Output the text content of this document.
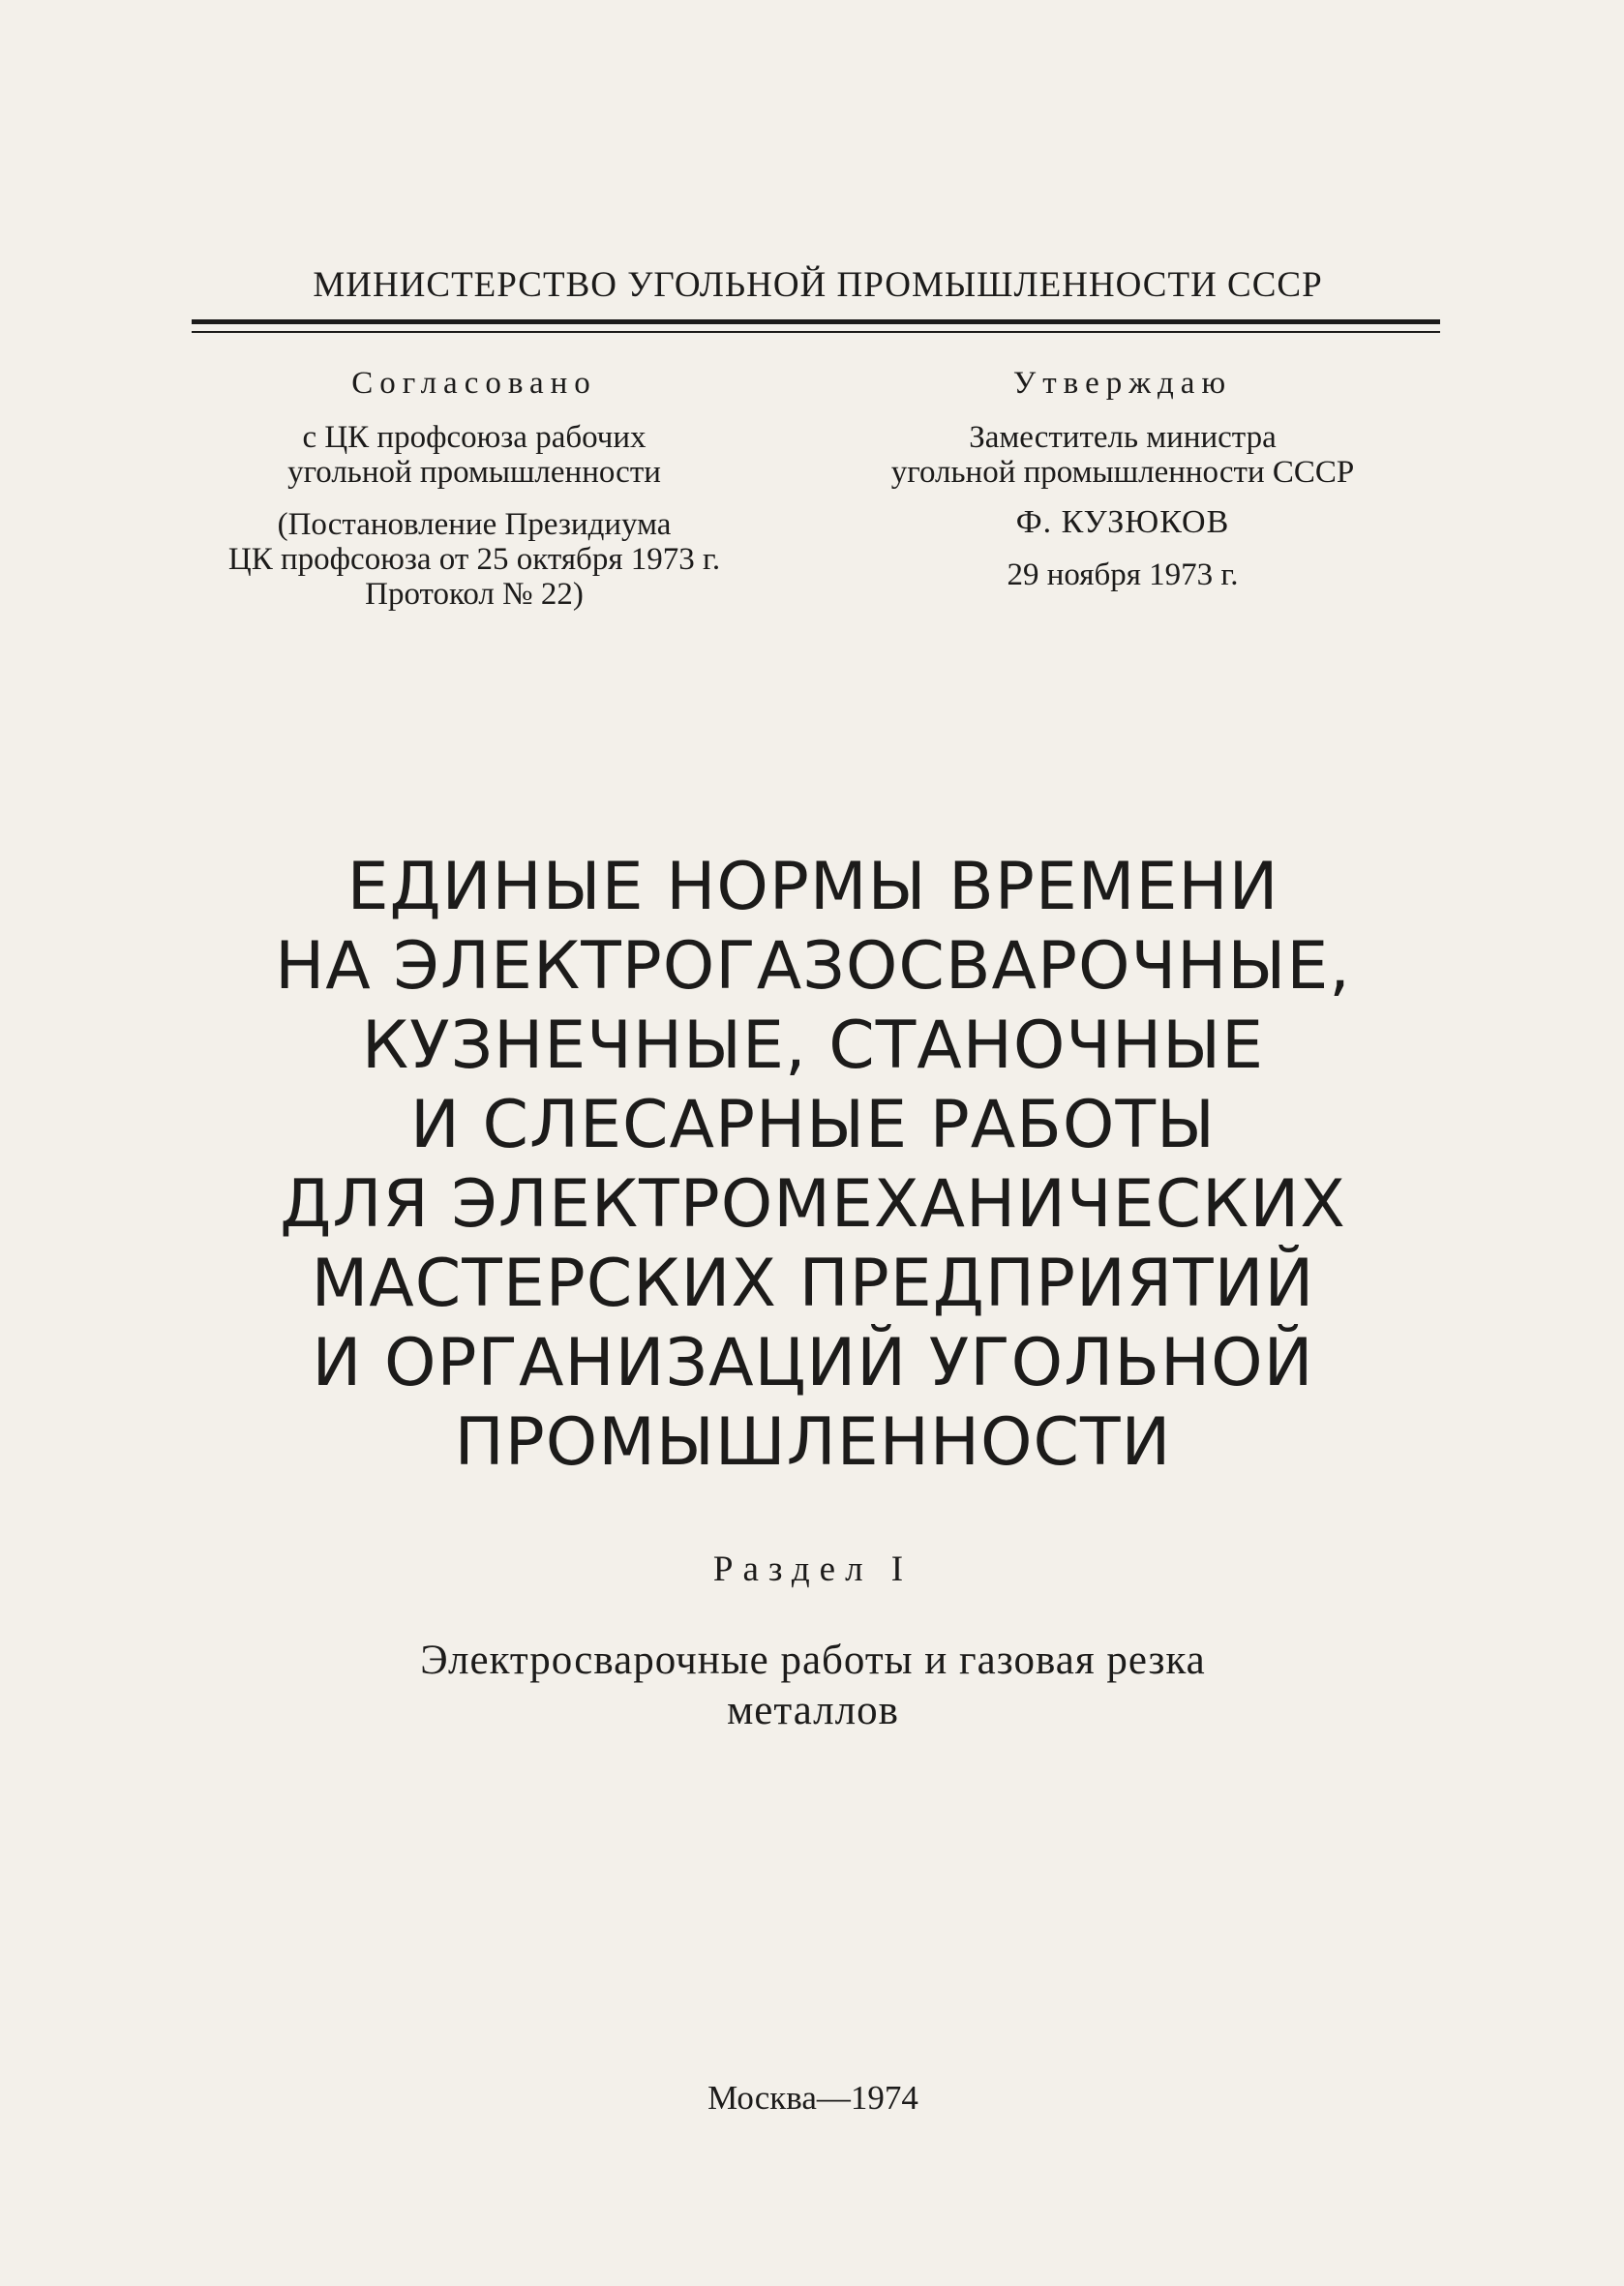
МИНИСТЕРСТВО УГОЛЬНОЙ ПРОМЫШЛЕННОСТИ СССР
Согласовано
с ЦК профсоюза рабочих
угольной промышленности
(Постановление Президиума
ЦК профсоюза от 25 октября 1973 г.
Протокол № 22)
Утверждаю
Заместитель министра
угольной промышленности СССР
Ф. КУЗЮКОВ
29 ноября 1973 г.
ЕДИНЫЕ НОРМЫ ВРЕМЕНИ
НА ЭЛЕКТРОГАЗОСВАРОЧНЫЕ,
КУЗНЕЧНЫЕ, СТАНОЧНЫЕ
И СЛЕСАРНЫЕ РАБОТЫ
ДЛЯ ЭЛЕКТРОМЕХАНИЧЕСКИХ
МАСТЕРСКИХ ПРЕДПРИЯТИЙ
И ОРГАНИЗАЦИЙ УГОЛЬНОЙ
ПРОМЫШЛЕННОСТИ
Раздел I
Электросварочные работы и газовая резка
металлов
Москва—1974
